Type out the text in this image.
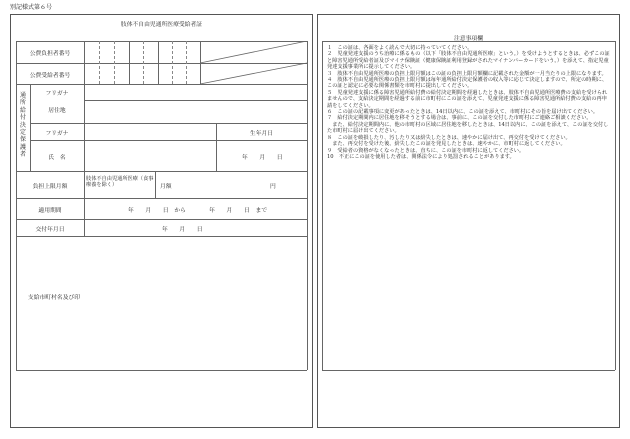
別記様式第６号
肢体不自由児通所医療受給者証
公費負担者番号
公費受給者番号
通所給付決定保護者
フリガナ
居住地
フリガナ	生年月日
氏　名	年　　月　　日
負担上限月額
肢体不自由児通所医療（食事療養を除く）	月額	円
適用期間	年　　月　　日　から　　　　年　　月　　日　まで
交付年月日	年　　月　　日
支給市町村名及び印
注意事項欄

１　この証は、各面をよく読んで大切に持っていてください。

２　児童発達支援のうち治療に係るもの（以下「肢体不自由児通所医療」という。）を受けようとするときは、必ずこの証と障害児通所受給者証及びマイナ保険証（健康保険証利用登録がされたマイナンバーカードをいう。）を添えて、指定児童発達支援事業所に提示してください。

３　肢体不自由児通所医療の負担上限月額はこの証の負担上限月額欄に記載された金額が一月当たりの上限になります。

４　肢体不自由児通所医療の負担上限月額は毎年通所給付決定保護者の収入等に応じて決定しますので、所定の時期に、この証と認定に必要な関係書類を市町村に提出してください。

５　児童発達支援に係る障害児通所給付費の給付決定期間を経過したときは、肢体不自由児通所医療費の支給を受けられませんので、支給決定期間を経過する前に市町村にこの証を添えて、児童発達支援に係る障害児通所給付費の支給の再申請をしてください。

６　この証の記載事項に変更があったときは、14日以内に、この証を添えて、市町村にその旨を届け出てください。

７　給付決定期間内に居住地を移そうとする場合は、事前に、この証を交付した市町村にご連絡ご相談ください。

　また、給付決定期間内に、他の市町村の区域に居住地を移したときは、14日以内に、この証を添えて、この証を交付した市町村に届け出てください。

８　この証を破損したり、汚したり又は紛失したときは、速やかに届け出て、再交付を受けてください。

　また、再交付を受けた後、紛失したこの証を発見したときは、速やかに、市町村に返してください。

９　受給者の資格がなくなったときは、直ちに、この証を市町村に返してください。

10　不正にこの証を使用した者は、関係法令により処罰されることがあります。
